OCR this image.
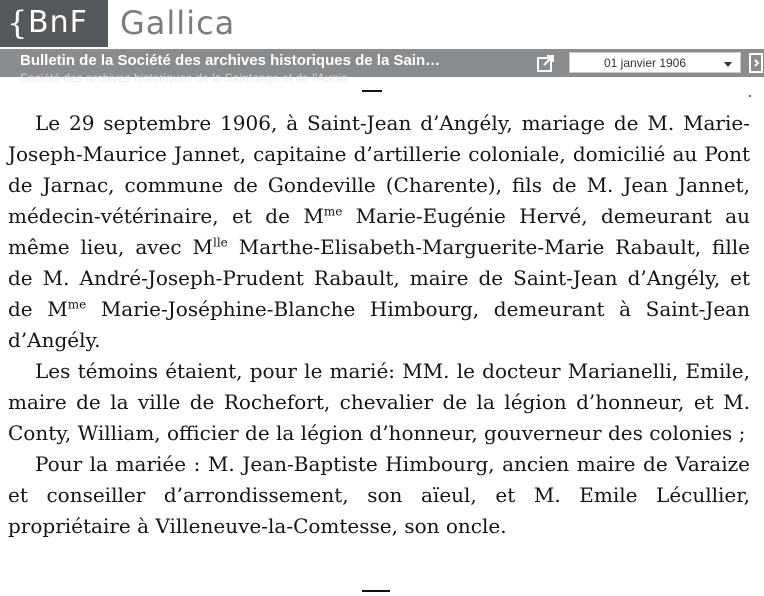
{ BnF Gallica
Bulletin de la Société des archives historiques de la Sain…
Société des archives historiques de la Saintonge et de l'Aunis
01 janvier 1906

Le 29 septembre 1906, à Saint-Jean d’Angély, mariage de M. Marie-Joseph-Maurice Jannet, capitaine d’artillerie coloniale, domicilié au Pont de Jarnac, commune de Gondeville (Charente), fils de M. Jean Jannet, médecin-vétérinaire, et de $M^{me}$ Marie-Eugénie Hervé, demeurant au même lieu, avec $M^{lle}$ Marthe-Elisabeth-Marguerite-Marie Rabault, fille de M. André-Joseph-Prudent Rabault, maire de Saint-Jean d’Angély, et de $M^{me}$ Marie-Joséphine-Blanche Himbourg, demeurant à Saint-Jean d’Angély.

Les témoins étaient, pour le marié: MM. le docteur Marianelli, Emile, maire de la ville de Rochefort, chevalier de la légion d’honneur, et M. Conty, William, officier de la légion d’honneur, gouverneur des colonies ;

Pour la mariée : M. Jean-Baptiste Himbourg, ancien maire de Varaize et conseiller d’arrondissement, son aïeul, et M. Emile Lécullier, propriétaire à Villeneuve-la-Comtesse, son oncle.
